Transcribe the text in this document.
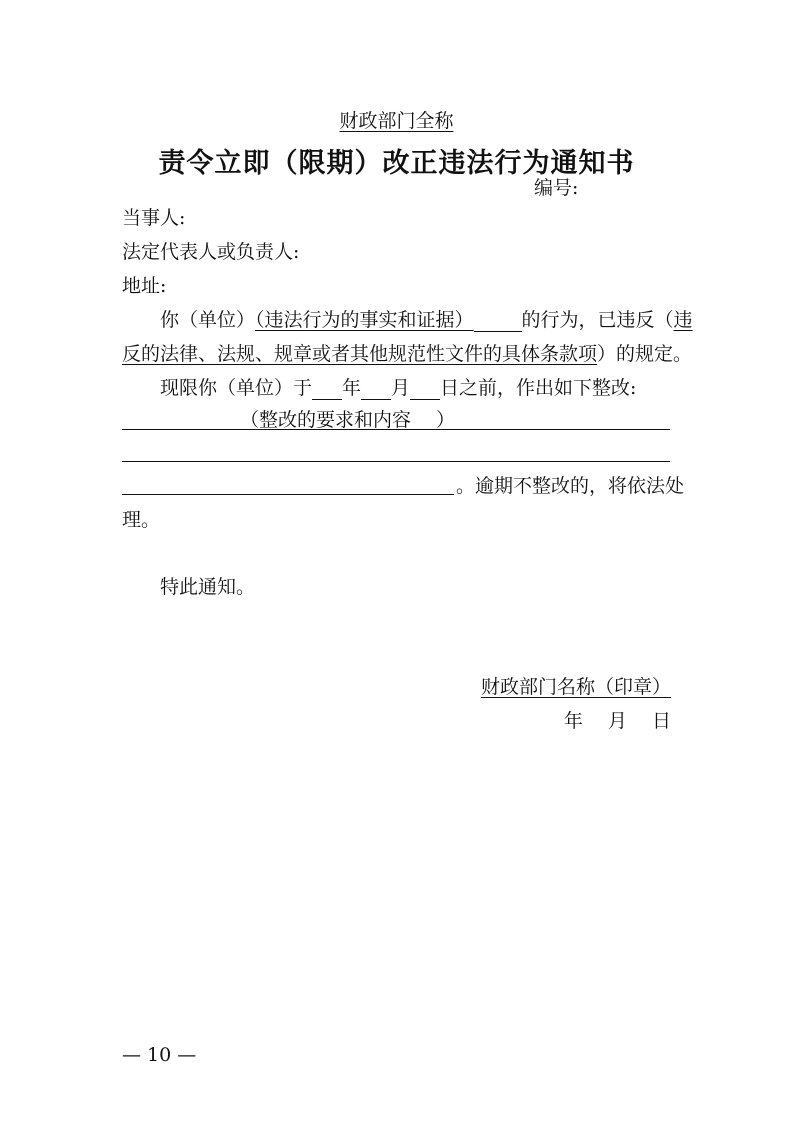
财政部门全称
责令立即（限期）改正违法行为通知书
编号:
当事人:
法定代表人或负责人:
地址:
你（单位）（违法行为的事实和证据）	的行为，已违反（违
反的法律、法规、规章或者其他规范性文件的具体条款项）的规定。
现限你（单位）于 年 月 日之前，作出如下整改:
（整改的要求和内容　 ）
。逾期不整改的，将依法处
理。
特此通知。
财政部门名称（印章）
年　 月　 日
— 10 —
